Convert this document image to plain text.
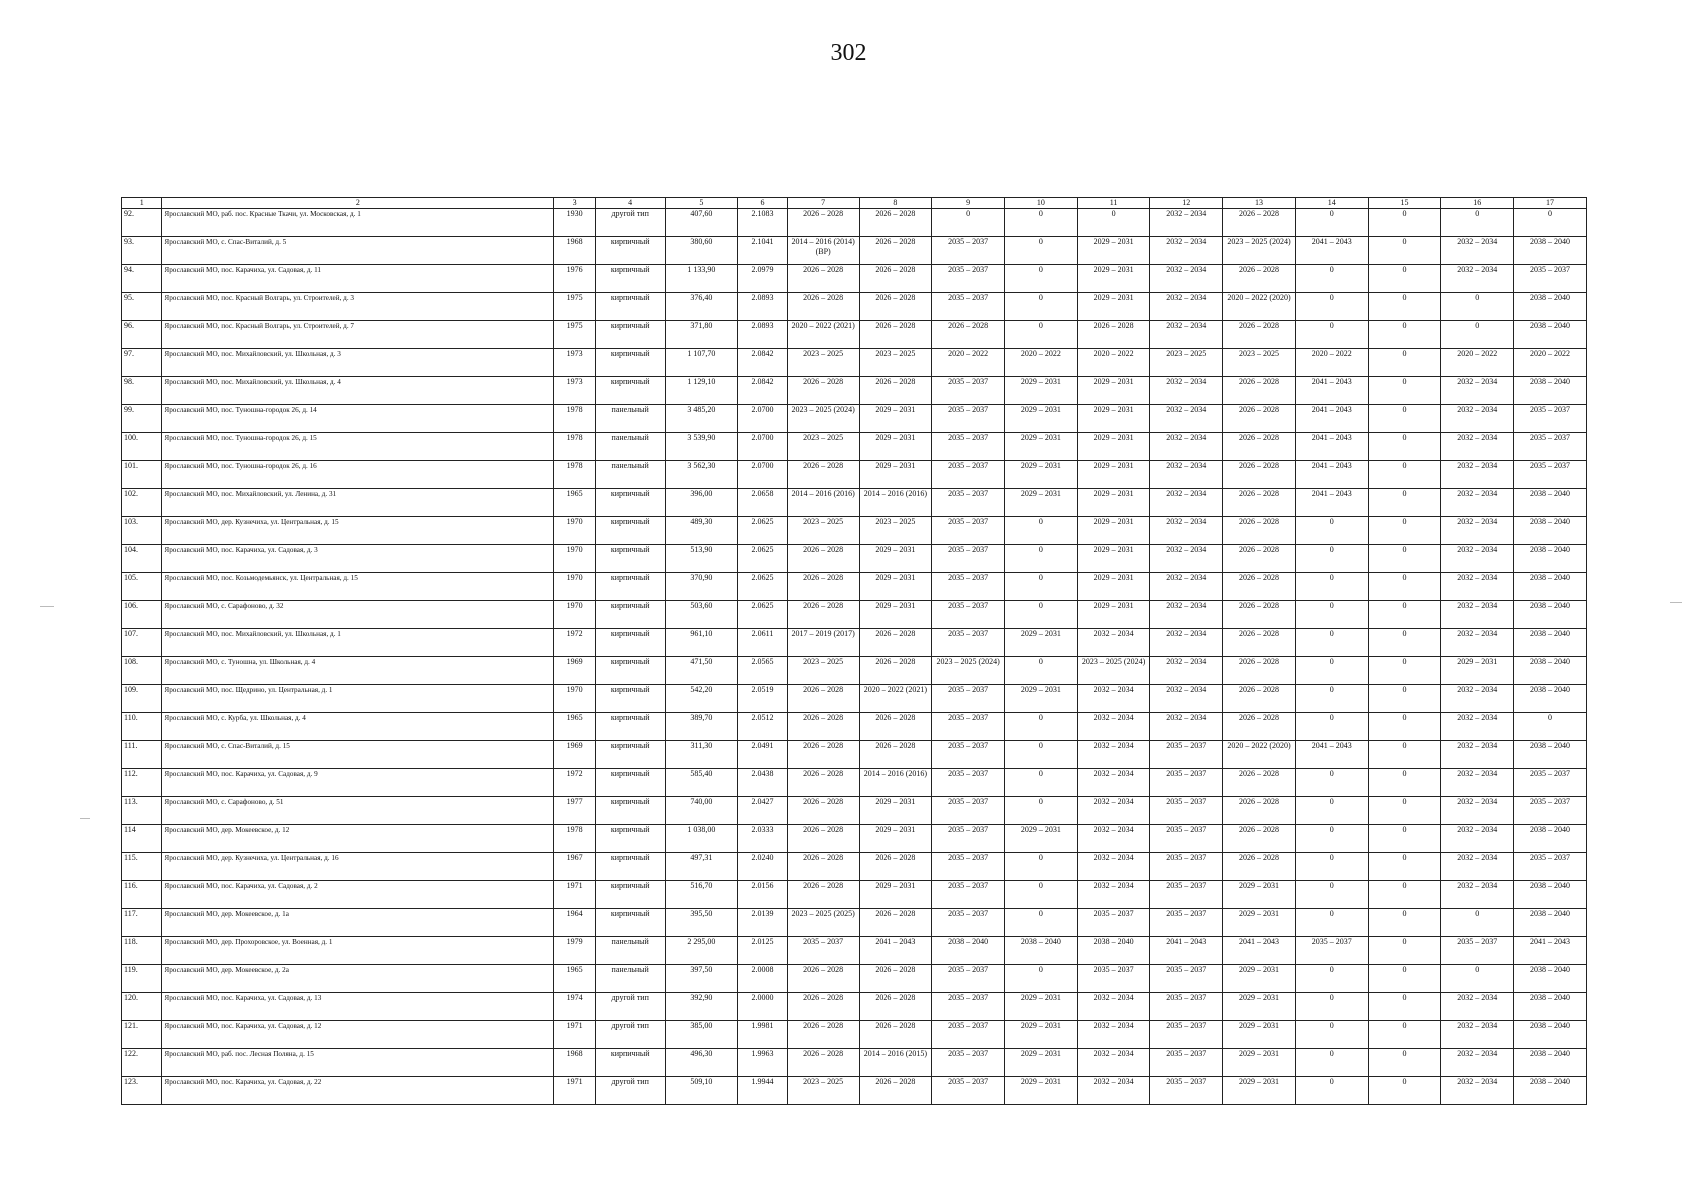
302
1	2	3	4	5	6	7	8	9	10	11	12	13	14	15	16	17
92.	Ярославский МО, раб. пос. Красные Ткачи, ул. Московская, д. 1	1930	другой тип	407,60	2.1083	2026 – 2028	2026 – 2028	0	0	0	2032 – 2034	2026 – 2028	0	0	0	0
93.	Ярославский МО, с. Спас-Виталий, д. 5	1968	кирпичный	380,60	2.1041	2014 – 2016 (2014) (ВР)	2026 – 2028	2035 – 2037	0	2029 – 2031	2032 – 2034	2023 – 2025 (2024)	2041 – 2043	0	2032 – 2034	2038 – 2040
94.	Ярославский МО, пос. Карачиха, ул. Садовая, д. 11	1976	кирпичный	1 133,90	2.0979	2026 – 2028	2026 – 2028	2035 – 2037	0	2029 – 2031	2032 – 2034	2026 – 2028	0	0	2032 – 2034	2035 – 2037
95.	Ярославский МО, пос. Красный Волгарь, ул. Строителей, д. 3	1975	кирпичный	376,40	2.0893	2026 – 2028	2026 – 2028	2035 – 2037	0	2029 – 2031	2032 – 2034	2020 – 2022 (2020)	0	0	0	2038 – 2040
96.	Ярославский МО, пос. Красный Волгарь, ул. Строителей, д. 7	1975	кирпичный	371,80	2.0893	2020 – 2022 (2021)	2026 – 2028	2026 – 2028	0	2026 – 2028	2032 – 2034	2026 – 2028	0	0	0	2038 – 2040
97.	Ярославский МО, пос. Михайловский, ул. Школьная, д. 3	1973	кирпичный	1 107,70	2.0842	2023 – 2025	2023 – 2025	2020 – 2022	2020 – 2022	2020 – 2022	2023 – 2025	2023 – 2025	2020 – 2022	0	2020 – 2022	2020 – 2022
98.	Ярославский МО, пос. Михайловский, ул. Школьная, д. 4	1973	кирпичный	1 129,10	2.0842	2026 – 2028	2026 – 2028	2035 – 2037	2029 – 2031	2029 – 2031	2032 – 2034	2026 – 2028	2041 – 2043	0	2032 – 2034	2038 – 2040
99.	Ярославский МО, пос. Туношна-городок 26, д. 14	1978	панельный	3 485,20	2.0700	2023 – 2025 (2024)	2029 – 2031	2035 – 2037	2029 – 2031	2029 – 2031	2032 – 2034	2026 – 2028	2041 – 2043	0	2032 – 2034	2035 – 2037
100.	Ярославский МО, пос. Туношна-городок 26, д. 15	1978	панельный	3 539,90	2.0700	2023 – 2025	2029 – 2031	2035 – 2037	2029 – 2031	2029 – 2031	2032 – 2034	2026 – 2028	2041 – 2043	0	2032 – 2034	2035 – 2037
101.	Ярославский МО, пос. Туношна-городок 26, д. 16	1978	панельный	3 562,30	2.0700	2026 – 2028	2029 – 2031	2035 – 2037	2029 – 2031	2029 – 2031	2032 – 2034	2026 – 2028	2041 – 2043	0	2032 – 2034	2035 – 2037
102.	Ярославский МО, пос. Михайловский, ул. Ленина, д. 31	1965	кирпичный	396,00	2.0658	2014 – 2016 (2016)	2014 – 2016 (2016)	2035 – 2037	2029 – 2031	2029 – 2031	2032 – 2034	2026 – 2028	2041 – 2043	0	2032 – 2034	2038 – 2040
103.	Ярославский МО, дер. Кузнечиха, ул. Центральная, д. 15	1970	кирпичный	489,30	2.0625	2023 – 2025	2023 – 2025	2035 – 2037	0	2029 – 2031	2032 – 2034	2026 – 2028	0	0	2032 – 2034	2038 – 2040
104.	Ярославский МО, пос. Карачиха, ул. Садовая, д. 3	1970	кирпичный	513,90	2.0625	2026 – 2028	2029 – 2031	2035 – 2037	0	2029 – 2031	2032 – 2034	2026 – 2028	0	0	2032 – 2034	2038 – 2040
105.	Ярославский МО, пос. Козьмодемьянск, ул. Центральная, д. 15	1970	кирпичный	370,90	2.0625	2026 – 2028	2029 – 2031	2035 – 2037	0	2029 – 2031	2032 – 2034	2026 – 2028	0	0	2032 – 2034	2038 – 2040
106.	Ярославский МО, с. Сарафоново, д. 32	1970	кирпичный	503,60	2.0625	2026 – 2028	2029 – 2031	2035 – 2037	0	2029 – 2031	2032 – 2034	2026 – 2028	0	0	2032 – 2034	2038 – 2040
107.	Ярославский МО, пос. Михайловский, ул. Школьная, д. 1	1972	кирпичный	961,10	2.0611	2017 – 2019 (2017)	2026 – 2028	2035 – 2037	2029 – 2031	2032 – 2034	2032 – 2034	2026 – 2028	0	0	2032 – 2034	2038 – 2040
108.	Ярославский МО, с. Туношна, ул. Школьная, д. 4	1969	кирпичный	471,50	2.0565	2023 – 2025	2026 – 2028	2023 – 2025 (2024)	0	2023 – 2025 (2024)	2032 – 2034	2026 – 2028	0	0	2029 – 2031	2038 – 2040
109.	Ярославский МО, пос. Щедрино, ул. Центральная, д. 1	1970	кирпичный	542,20	2.0519	2026 – 2028	2020 – 2022 (2021)	2035 – 2037	2029 – 2031	2032 – 2034	2032 – 2034	2026 – 2028	0	0	2032 – 2034	2038 – 2040
110.	Ярославский МО, с. Курба, ул. Школьная, д. 4	1965	кирпичный	389,70	2.0512	2026 – 2028	2026 – 2028	2035 – 2037	0	2032 – 2034	2032 – 2034	2026 – 2028	0	0	2032 – 2034	0
111.	Ярославский МО, с. Спас-Виталий, д. 15	1969	кирпичный	311,30	2.0491	2026 – 2028	2026 – 2028	2035 – 2037	0	2032 – 2034	2035 – 2037	2020 – 2022 (2020)	2041 – 2043	0	2032 – 2034	2038 – 2040
112.	Ярославский МО, пос. Карачиха, ул. Садовая, д. 9	1972	кирпичный	585,40	2.0438	2026 – 2028	2014 – 2016 (2016)	2035 – 2037	0	2032 – 2034	2035 – 2037	2026 – 2028	0	0	2032 – 2034	2035 – 2037
113.	Ярославский МО, с. Сарафоново, д. 51	1977	кирпичный	740,00	2.0427	2026 – 2028	2029 – 2031	2035 – 2037	0	2032 – 2034	2035 – 2037	2026 – 2028	0	0	2032 – 2034	2035 – 2037
114	Ярославский МО, дер. Мокеевское, д. 12	1978	кирпичный	1 038,00	2.0333	2026 – 2028	2029 – 2031	2035 – 2037	2029 – 2031	2032 – 2034	2035 – 2037	2026 – 2028	0	0	2032 – 2034	2038 – 2040
115.	Ярославский МО, дер. Кузнечиха, ул. Центральная, д. 16	1967	кирпичный	497,31	2.0240	2026 – 2028	2026 – 2028	2035 – 2037	0	2032 – 2034	2035 – 2037	2026 – 2028	0	0	2032 – 2034	2035 – 2037
116.	Ярославский МО, пос. Карачиха, ул. Садовая, д. 2	1971	кирпичный	516,70	2.0156	2026 – 2028	2029 – 2031	2035 – 2037	0	2032 – 2034	2035 – 2037	2029 – 2031	0	0	2032 – 2034	2038 – 2040
117.	Ярославский МО, дер. Мокеевское, д. 1а	1964	кирпичный	395,50	2.0139	2023 – 2025 (2025)	2026 – 2028	2035 – 2037	0	2035 – 2037	2035 – 2037	2029 – 2031	0	0	0	2038 – 2040
118.	Ярославский МО, дер. Прохоровское, ул. Военная, д. 1	1979	панельный	2 295,00	2.0125	2035 – 2037	2041 – 2043	2038 – 2040	2038 – 2040	2038 – 2040	2041 – 2043	2041 – 2043	2035 – 2037	0	2035 – 2037	2041 – 2043
119.	Ярославский МО, дер. Мокеевское, д. 2а	1965	панельный	397,50	2.0008	2026 – 2028	2026 – 2028	2035 – 2037	0	2035 – 2037	2035 – 2037	2029 – 2031	0	0	0	2038 – 2040
120.	Ярославский МО, пос. Карачиха, ул. Садовая, д. 13	1974	другой тип	392,90	2.0000	2026 – 2028	2026 – 2028	2035 – 2037	2029 – 2031	2032 – 2034	2035 – 2037	2029 – 2031	0	0	2032 – 2034	2038 – 2040
121.	Ярославский МО, пос. Карачиха, ул. Садовая, д. 12	1971	другой тип	385,00	1.9981	2026 – 2028	2026 – 2028	2035 – 2037	2029 – 2031	2032 – 2034	2035 – 2037	2029 – 2031	0	0	2032 – 2034	2038 – 2040
122.	Ярославский МО, раб. пос. Лесная Поляна, д. 15	1968	кирпичный	496,30	1.9963	2026 – 2028	2014 – 2016 (2015)	2035 – 2037	2029 – 2031	2032 – 2034	2035 – 2037	2029 – 2031	0	0	2032 – 2034	2038 – 2040
123.	Ярославский МО, пос. Карачиха, ул. Садовая, д. 22	1971	другой тип	509,10	1.9944	2023 – 2025	2026 – 2028	2035 – 2037	2029 – 2031	2032 – 2034	2035 – 2037	2029 – 2031	0	0	2032 – 2034	2038 – 2040
